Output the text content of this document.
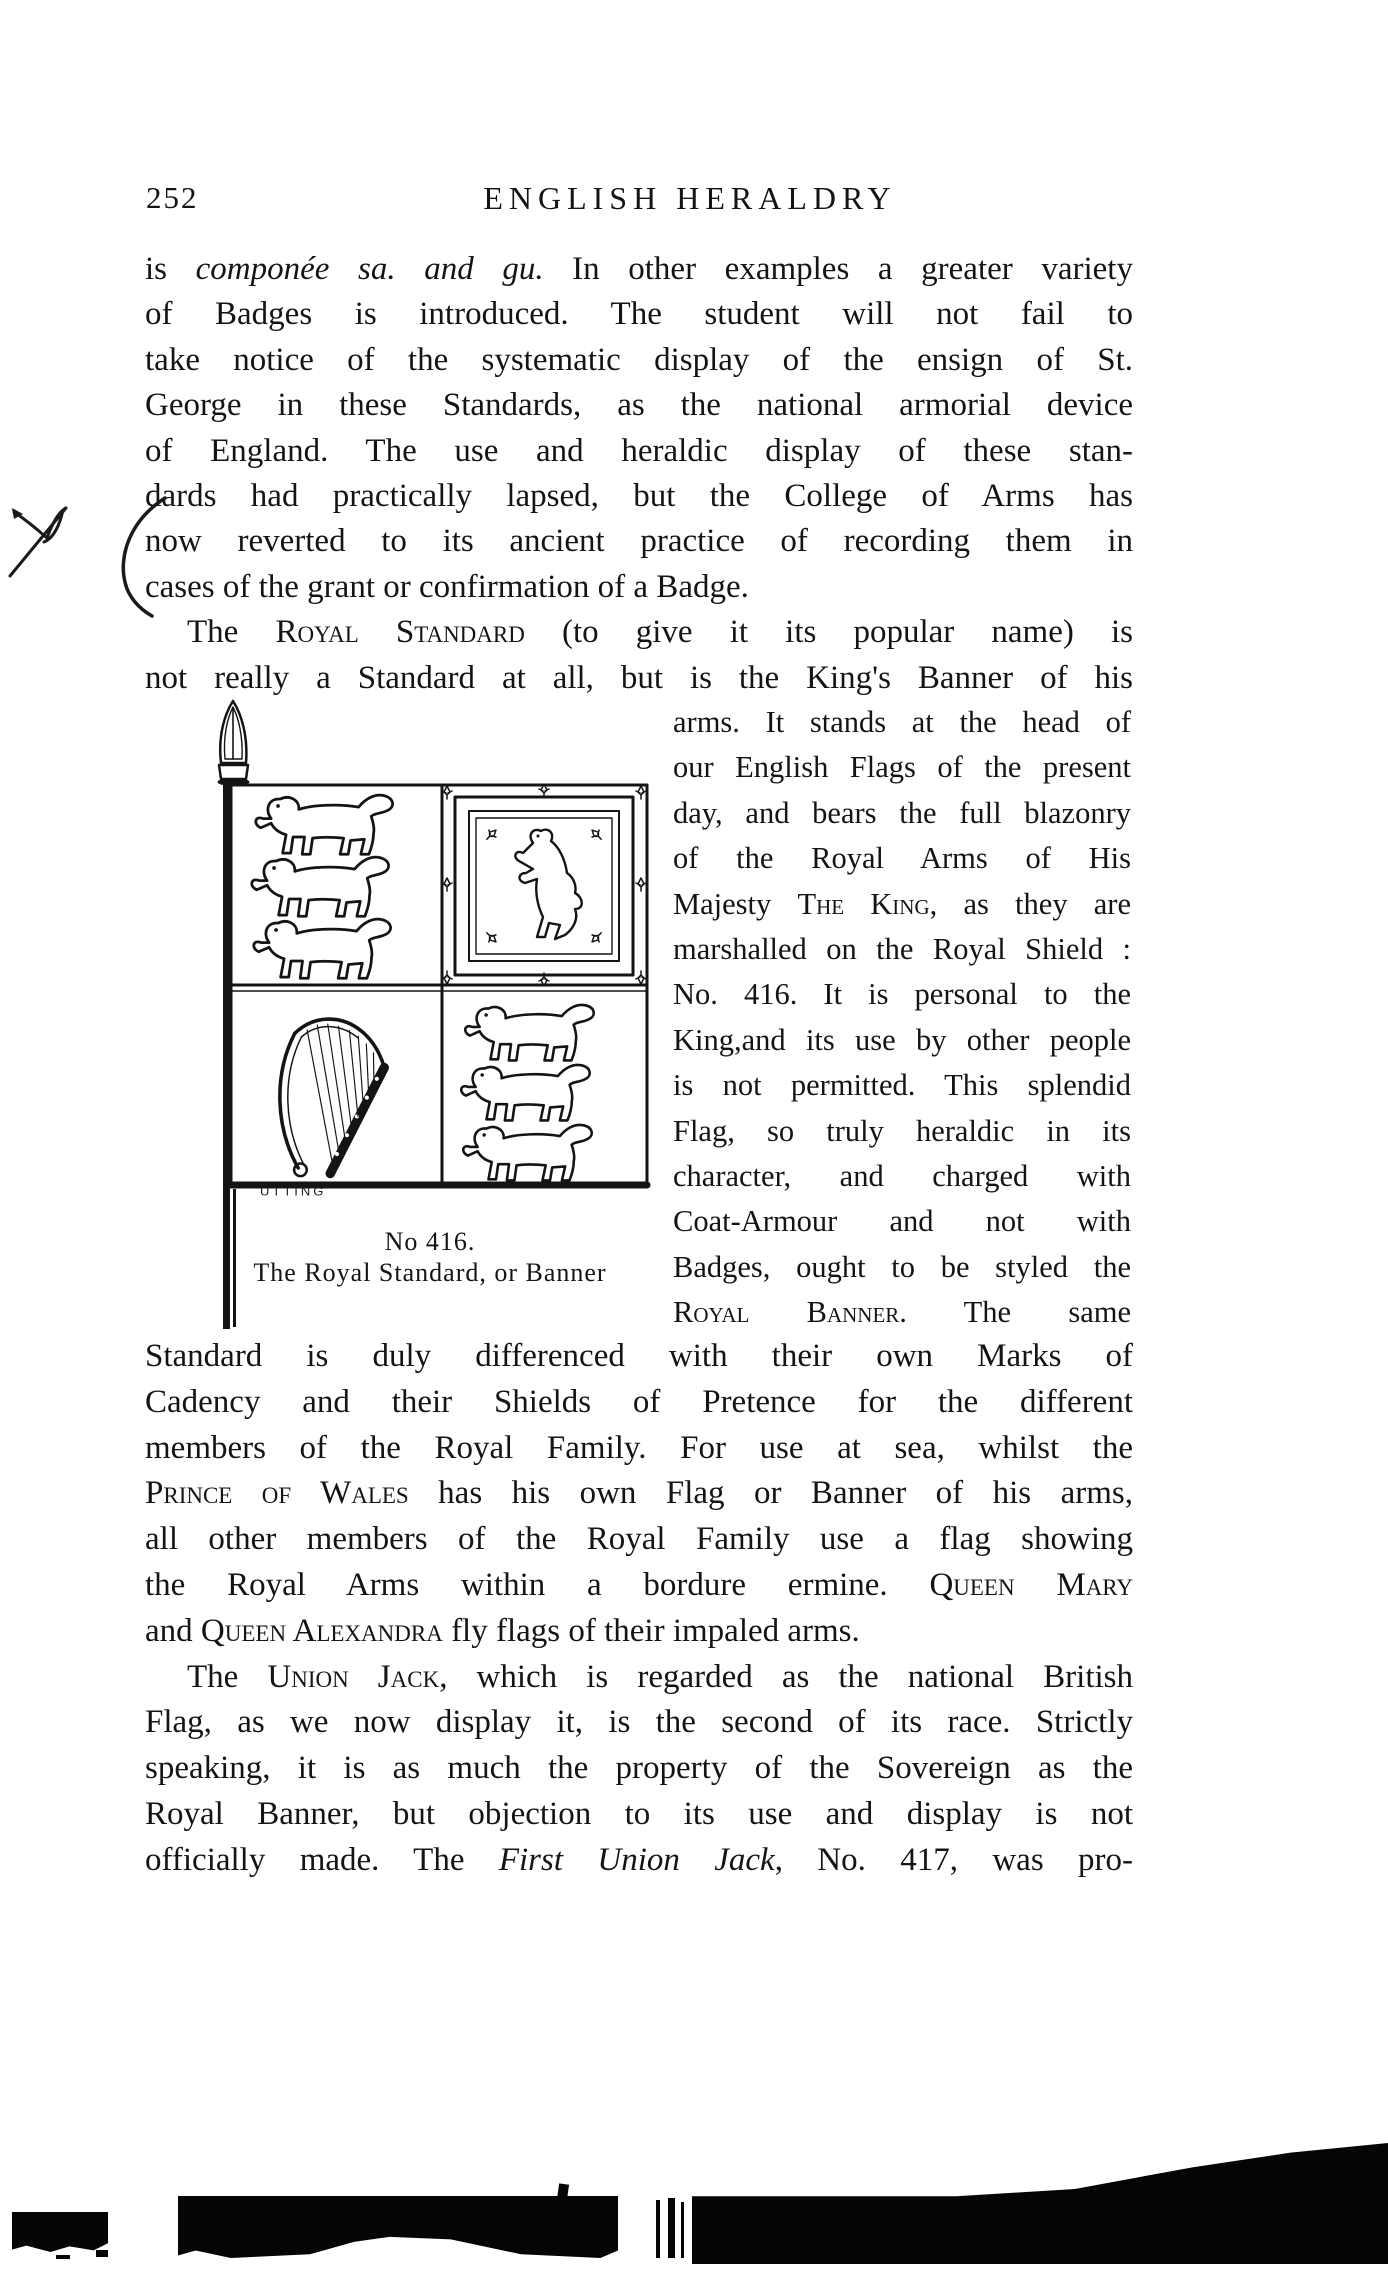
252	ENGLISH HERALDRY
is componée sa. and gu. In other examples a greater variety
of Badges is introduced. The student will not fail to
take notice of the systematic display of the ensign of St.
George in these Standards, as the national armorial device
of England. The use and heraldic display of these stan-
dards had practically lapsed, but the College of Arms has
now reverted to its ancient practice of recording them in
cases of the grant or confirmation of a Badge.
The Royal Standard (to give it its popular name) is
not really a Standard at all, but is the King's Banner of his
UTTING
No 416.
The Royal Standard, or Banner
arms. It stands at the head of
our English Flags of the present
day, and bears the full blazonry
of the Royal Arms of His
Majesty The King, as they are
marshalled on the Royal Shield :
No. 416. It is personal to the
King,and its use by other people
is not permitted. This splendid
Flag, so truly heraldic in its
character, and charged with
Coat-Armour and not with
Badges, ought to be styled the
Royal Banner. The same
Standard is duly differenced with their own Marks of
Cadency and their Shields of Pretence for the different
members of the Royal Family. For use at sea, whilst the
Prince of Wales has his own Flag or Banner of his arms,
all other members of the Royal Family use a flag showing
the Royal Arms within a bordure ermine. Queen Mary
and Queen Alexandra fly flags of their impaled arms.
The Union Jack, which is regarded as the national British
Flag, as we now display it, is the second of its race. Strictly
speaking, it is as much the property of the Sovereign as the
Royal Banner, but objection to its use and display is not
officially made. The First Union Jack, No. 417, was pro-
